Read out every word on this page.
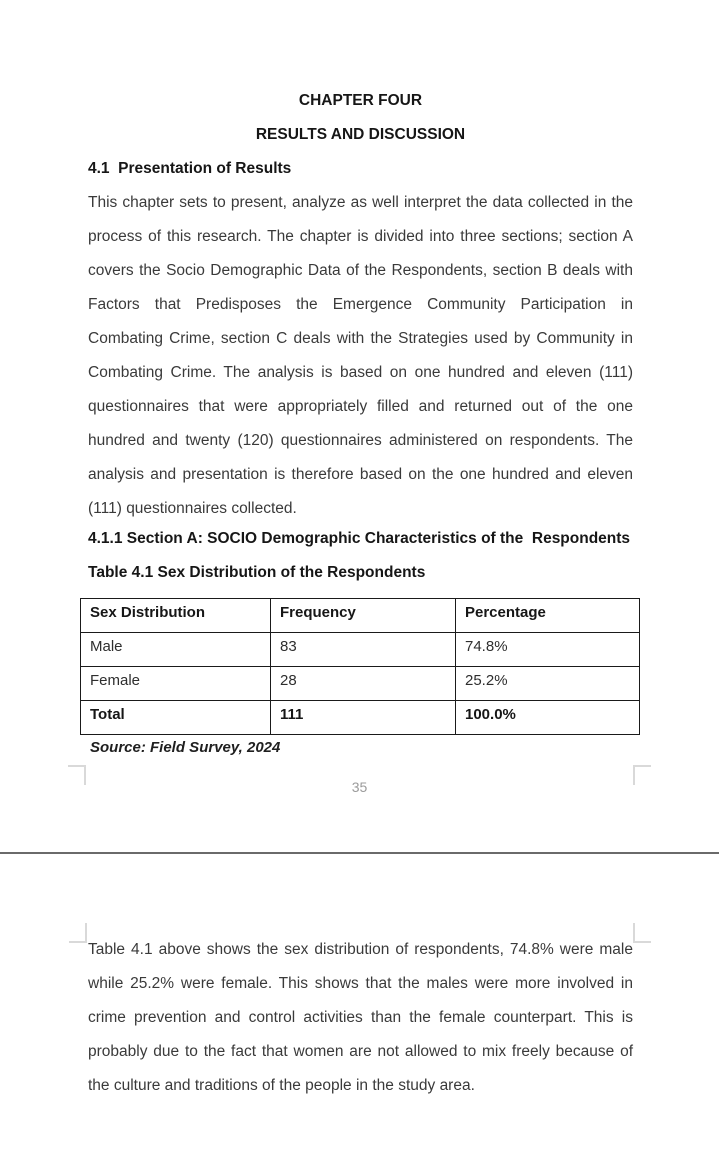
CHAPTER FOUR
RESULTS AND DISCUSSION
4.1  Presentation of Results
This chapter sets to present, analyze as well interpret the data collected in the process of this research. The chapter is divided into three sections; section A covers the Socio Demographic Data of the Respondents, section B deals with Factors that Predisposes the Emergence Community Participation in Combating Crime, section C deals with the Strategies used by Community in Combating Crime. The analysis is based on one hundred and eleven (111) questionnaires that were appropriately filled and returned out of the one hundred and twenty (120) questionnaires administered on respondents. The analysis and presentation is therefore based on the one hundred and eleven (111) questionnaires collected.
4.1.1 Section A: SOCIO Demographic Characteristics of the  Respondents
Table 4.1 Sex Distribution of the Respondents
Sex Distribution	Frequency	Percentage
Male	83	74.8%
Female	28	25.2%
Total	111	100.0%
Source: Field Survey, 2024
35
Table 4.1 above shows the sex distribution of respondents, 74.8% were male while 25.2% were female. This shows that the males were more involved in crime prevention and control activities than the female counterpart. This is probably due to the fact that women are not allowed to mix freely because of the culture and traditions of the people in the study area.
